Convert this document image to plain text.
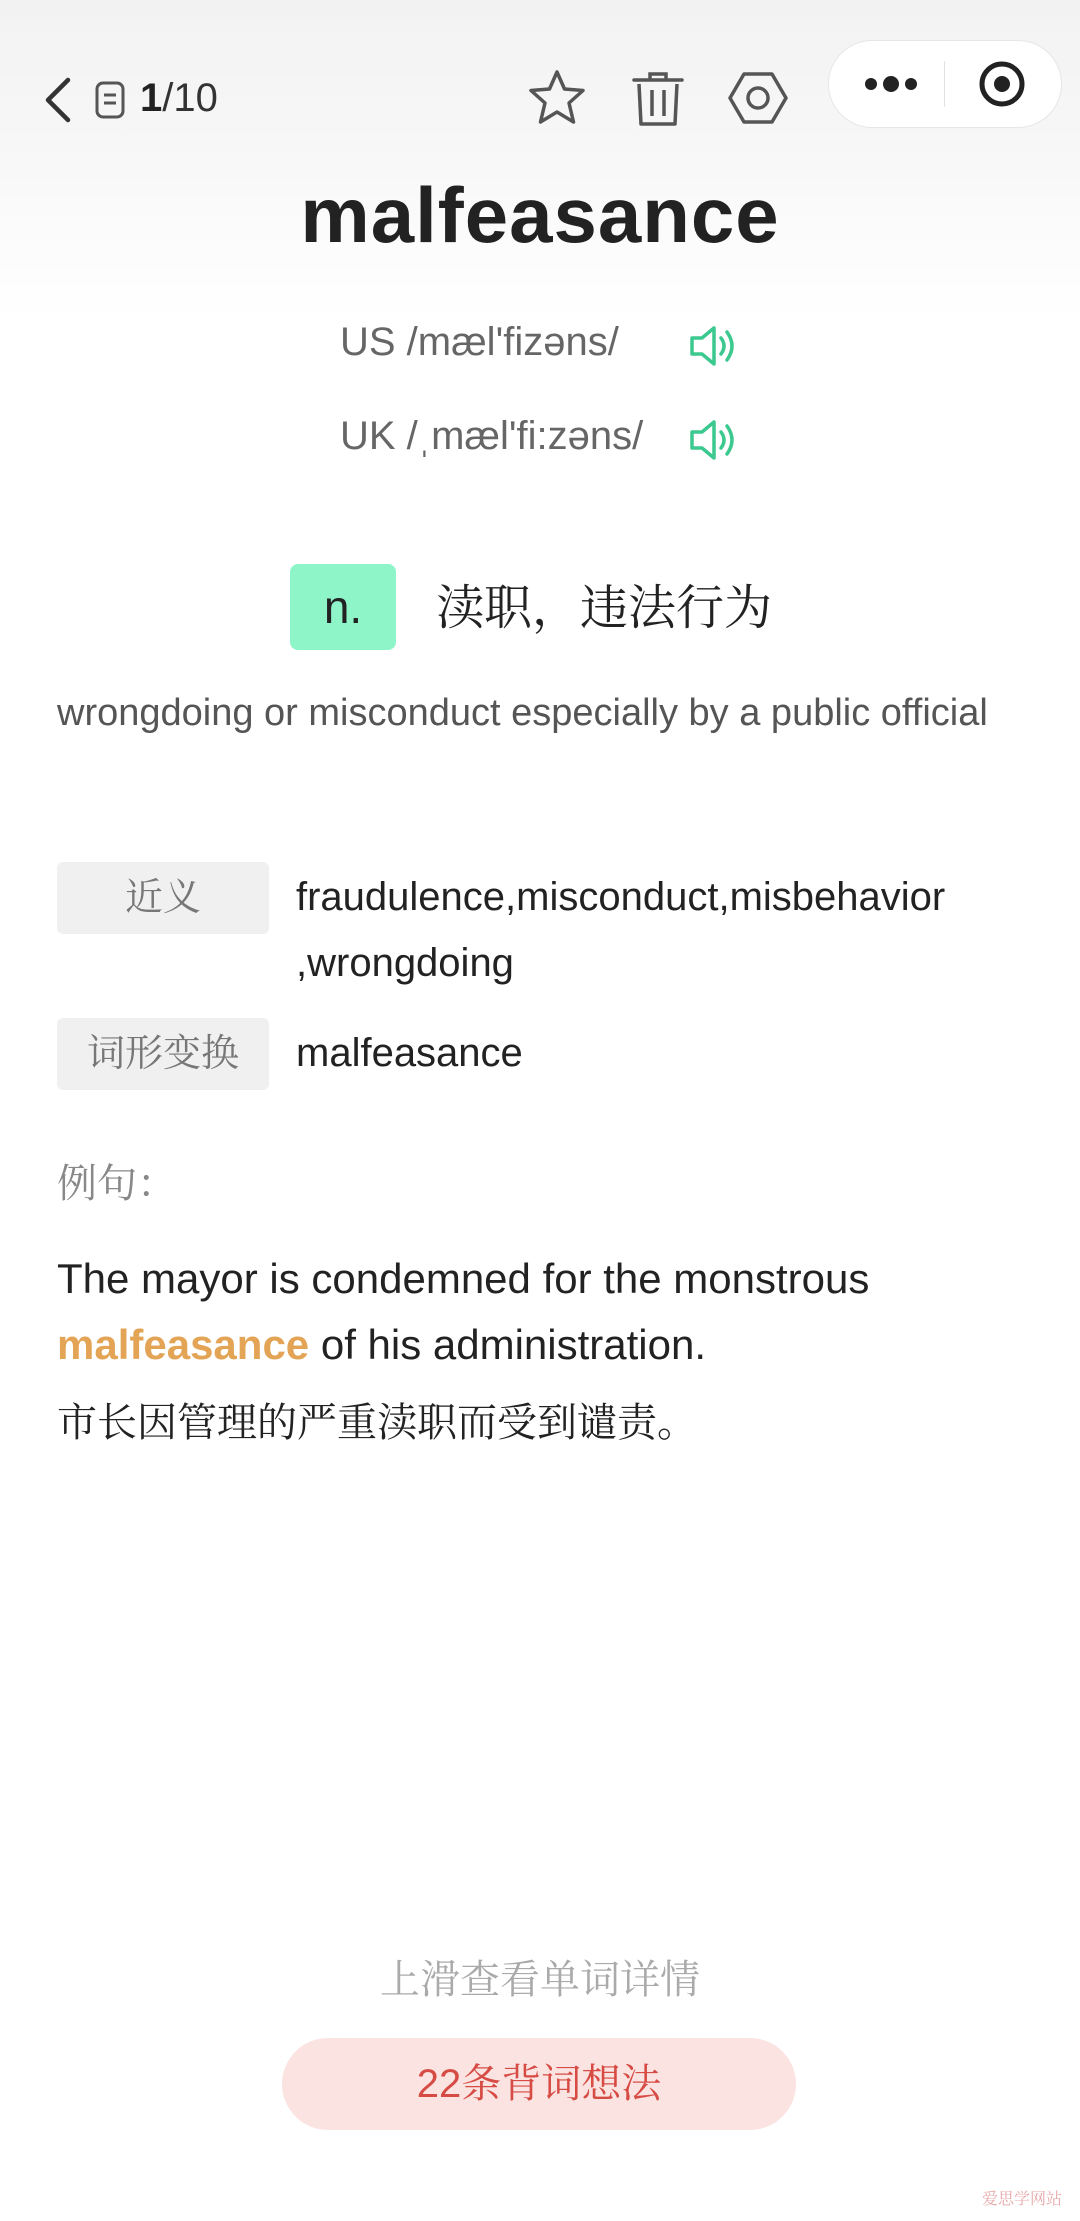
1/10
malfeasance
US /mæl'fizəns/
UK /ˌmæl'fi:zəns/
n.	渎职，违法行为
wrongdoing or misconduct especially by a public official
近义	fraudulence,misconduct,misbehavior ,wrongdoing
词形变换	malfeasance
例句：
The mayor is condemned for the monstrous malfeasance of his administration.
市长因管理的严重渎职而受到谴责。
上滑查看单词详情
22条背词想法
爱思学网站
